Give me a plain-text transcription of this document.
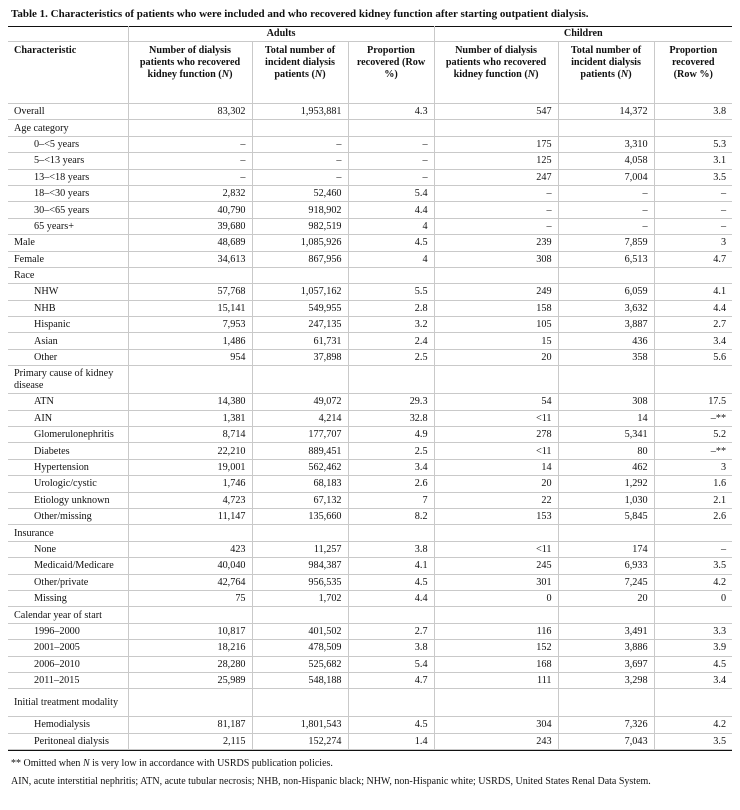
Table 1. Characteristics of patients who were included and who recovered kidney function after starting outpatient dialysis.
	Adults			Children		
Characteristic	Number of dialysis patients who recovered kidney function (N)	Total number of incident dialysis patients (N)	Proportion recovered (Row %)	Number of dialysis patients who recovered kidney function (N)	Total number of incident dialysis patients (N)	Proportion recovered (Row %)
Overall	83,302	1,953,881	4.3	547	14,372	3.8
Age category						
0–<5 years	–	–	–	175	3,310	5.3
5–<13 years	–	–	–	125	4,058	3.1
13–<18 years	–	–	–	247	7,004	3.5
18–<30 years	2,832	52,460	5.4	–	–	–
30–<65 years	40,790	918,902	4.4	–	–	–
65 years+	39,680	982,519	4	–	–	–
Male	48,689	1,085,926	4.5	239	7,859	3
Female	34,613	867,956	4	308	6,513	4.7
Race						
NHW	57,768	1,057,162	5.5	249	6,059	4.1
NHB	15,141	549,955	2.8	158	3,632	4.4
Hispanic	7,953	247,135	3.2	105	3,887	2.7
Asian	1,486	61,731	2.4	15	436	3.4
Other	954	37,898	2.5	20	358	5.6
Primary cause of kidney disease						
ATN	14,380	49,072	29.3	54	308	17.5
AIN	1,381	4,214	32.8	<11	14	–**
Glomerulonephritis	8,714	177,707	4.9	278	5,341	5.2
Diabetes	22,210	889,451	2.5	<11	80	–**
Hypertension	19,001	562,462	3.4	14	462	3
Urologic/cystic	1,746	68,183	2.6	20	1,292	1.6
Etiology unknown	4,723	67,132	7	22	1,030	2.1
Other/missing	11,147	135,660	8.2	153	5,845	2.6
Insurance						
None	423	11,257	3.8	<11	174	–
Medicaid/Medicare	40,040	984,387	4.1	245	6,933	3.5
Other/private	42,764	956,535	4.5	301	7,245	4.2
Missing	75	1,702	4.4	0	20	0
Calendar year of start						
1996–2000	10,817	401,502	2.7	116	3,491	3.3
2001–2005	18,216	478,509	3.8	152	3,886	3.9
2006–2010	28,280	525,682	5.4	168	3,697	4.5
2011–2015	25,989	548,188	4.7	111	3,298	3.4
Initial treatment modality						
Hemodialysis	81,187	1,801,543	4.5	304	7,326	4.2
Peritoneal dialysis	2,115	152,274	1.4	243	7,043	3.5
** Omitted when N is very low in accordance with USRDS publication policies.
AIN, acute interstitial nephritis; ATN, acute tubular necrosis; NHB, non-Hispanic black; NHW, non-Hispanic white; USRDS, United States Renal Data System.
